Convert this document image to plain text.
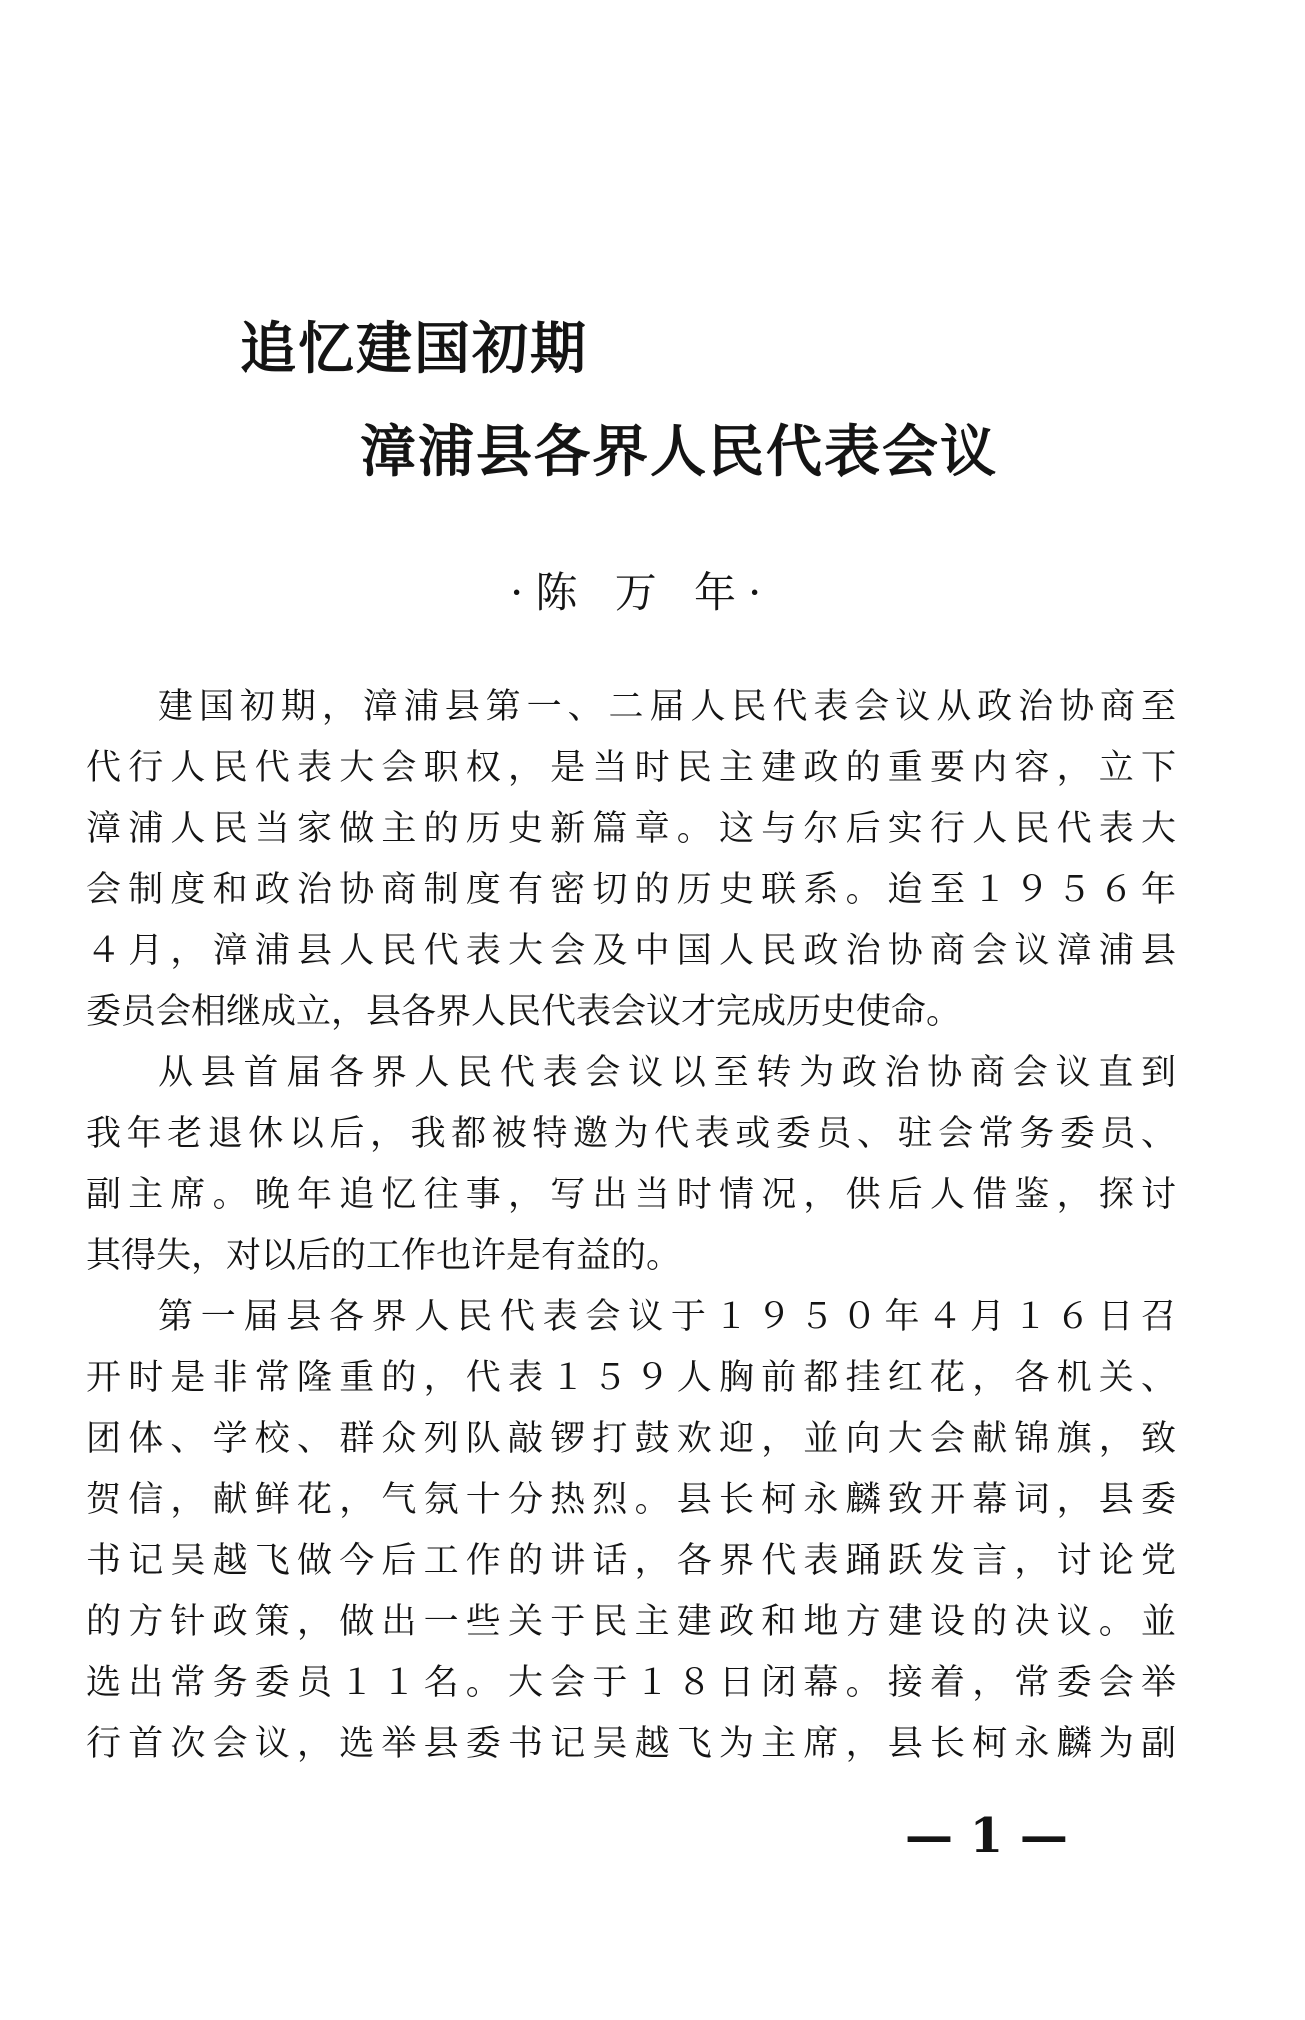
追忆建国初期
漳浦县各界人民代表会议
·陈 万 年·
建国初期，漳浦县第一、二届人民代表会议从政治协商至
代行人民代表大会职权，是当时民主建政的重要内容，立下
漳浦人民当家做主的历史新篇章。这与尔后实行人民代表大
会制度和政治协商制度有密切的历史联系。迨至１９５６年
４月，漳浦县人民代表大会及中国人民政治协商会议漳浦县
委员会相继成立，县各界人民代表会议才完成历史使命。
从县首届各界人民代表会议以至转为政治协商会议直到
我年老退休以后，我都被特邀为代表或委员、驻会常务委员、
副主席。晚年追忆往事，写出当时情况，供后人借鉴，探讨
其得失，对以后的工作也许是有益的。
第一届县各界人民代表会议于１９５０年４月１６日召
开时是非常隆重的，代表１５９人胸前都挂红花，各机关、
团体、学校、群众列队敲锣打鼓欢迎，並向大会献锦旗，致
贺信，献鲜花，气氛十分热烈。县长柯永麟致开幕词，县委
书记吴越飞做今后工作的讲话，各界代表踊跃发言，讨论党
的方针政策，做出一些关于民主建政和地方建设的决议。並
选出常务委员１１名。大会于１８日闭幕。接着，常委会举
行首次会议，选举县委书记吴越飞为主席，县长柯永麟为副
— 1 —
